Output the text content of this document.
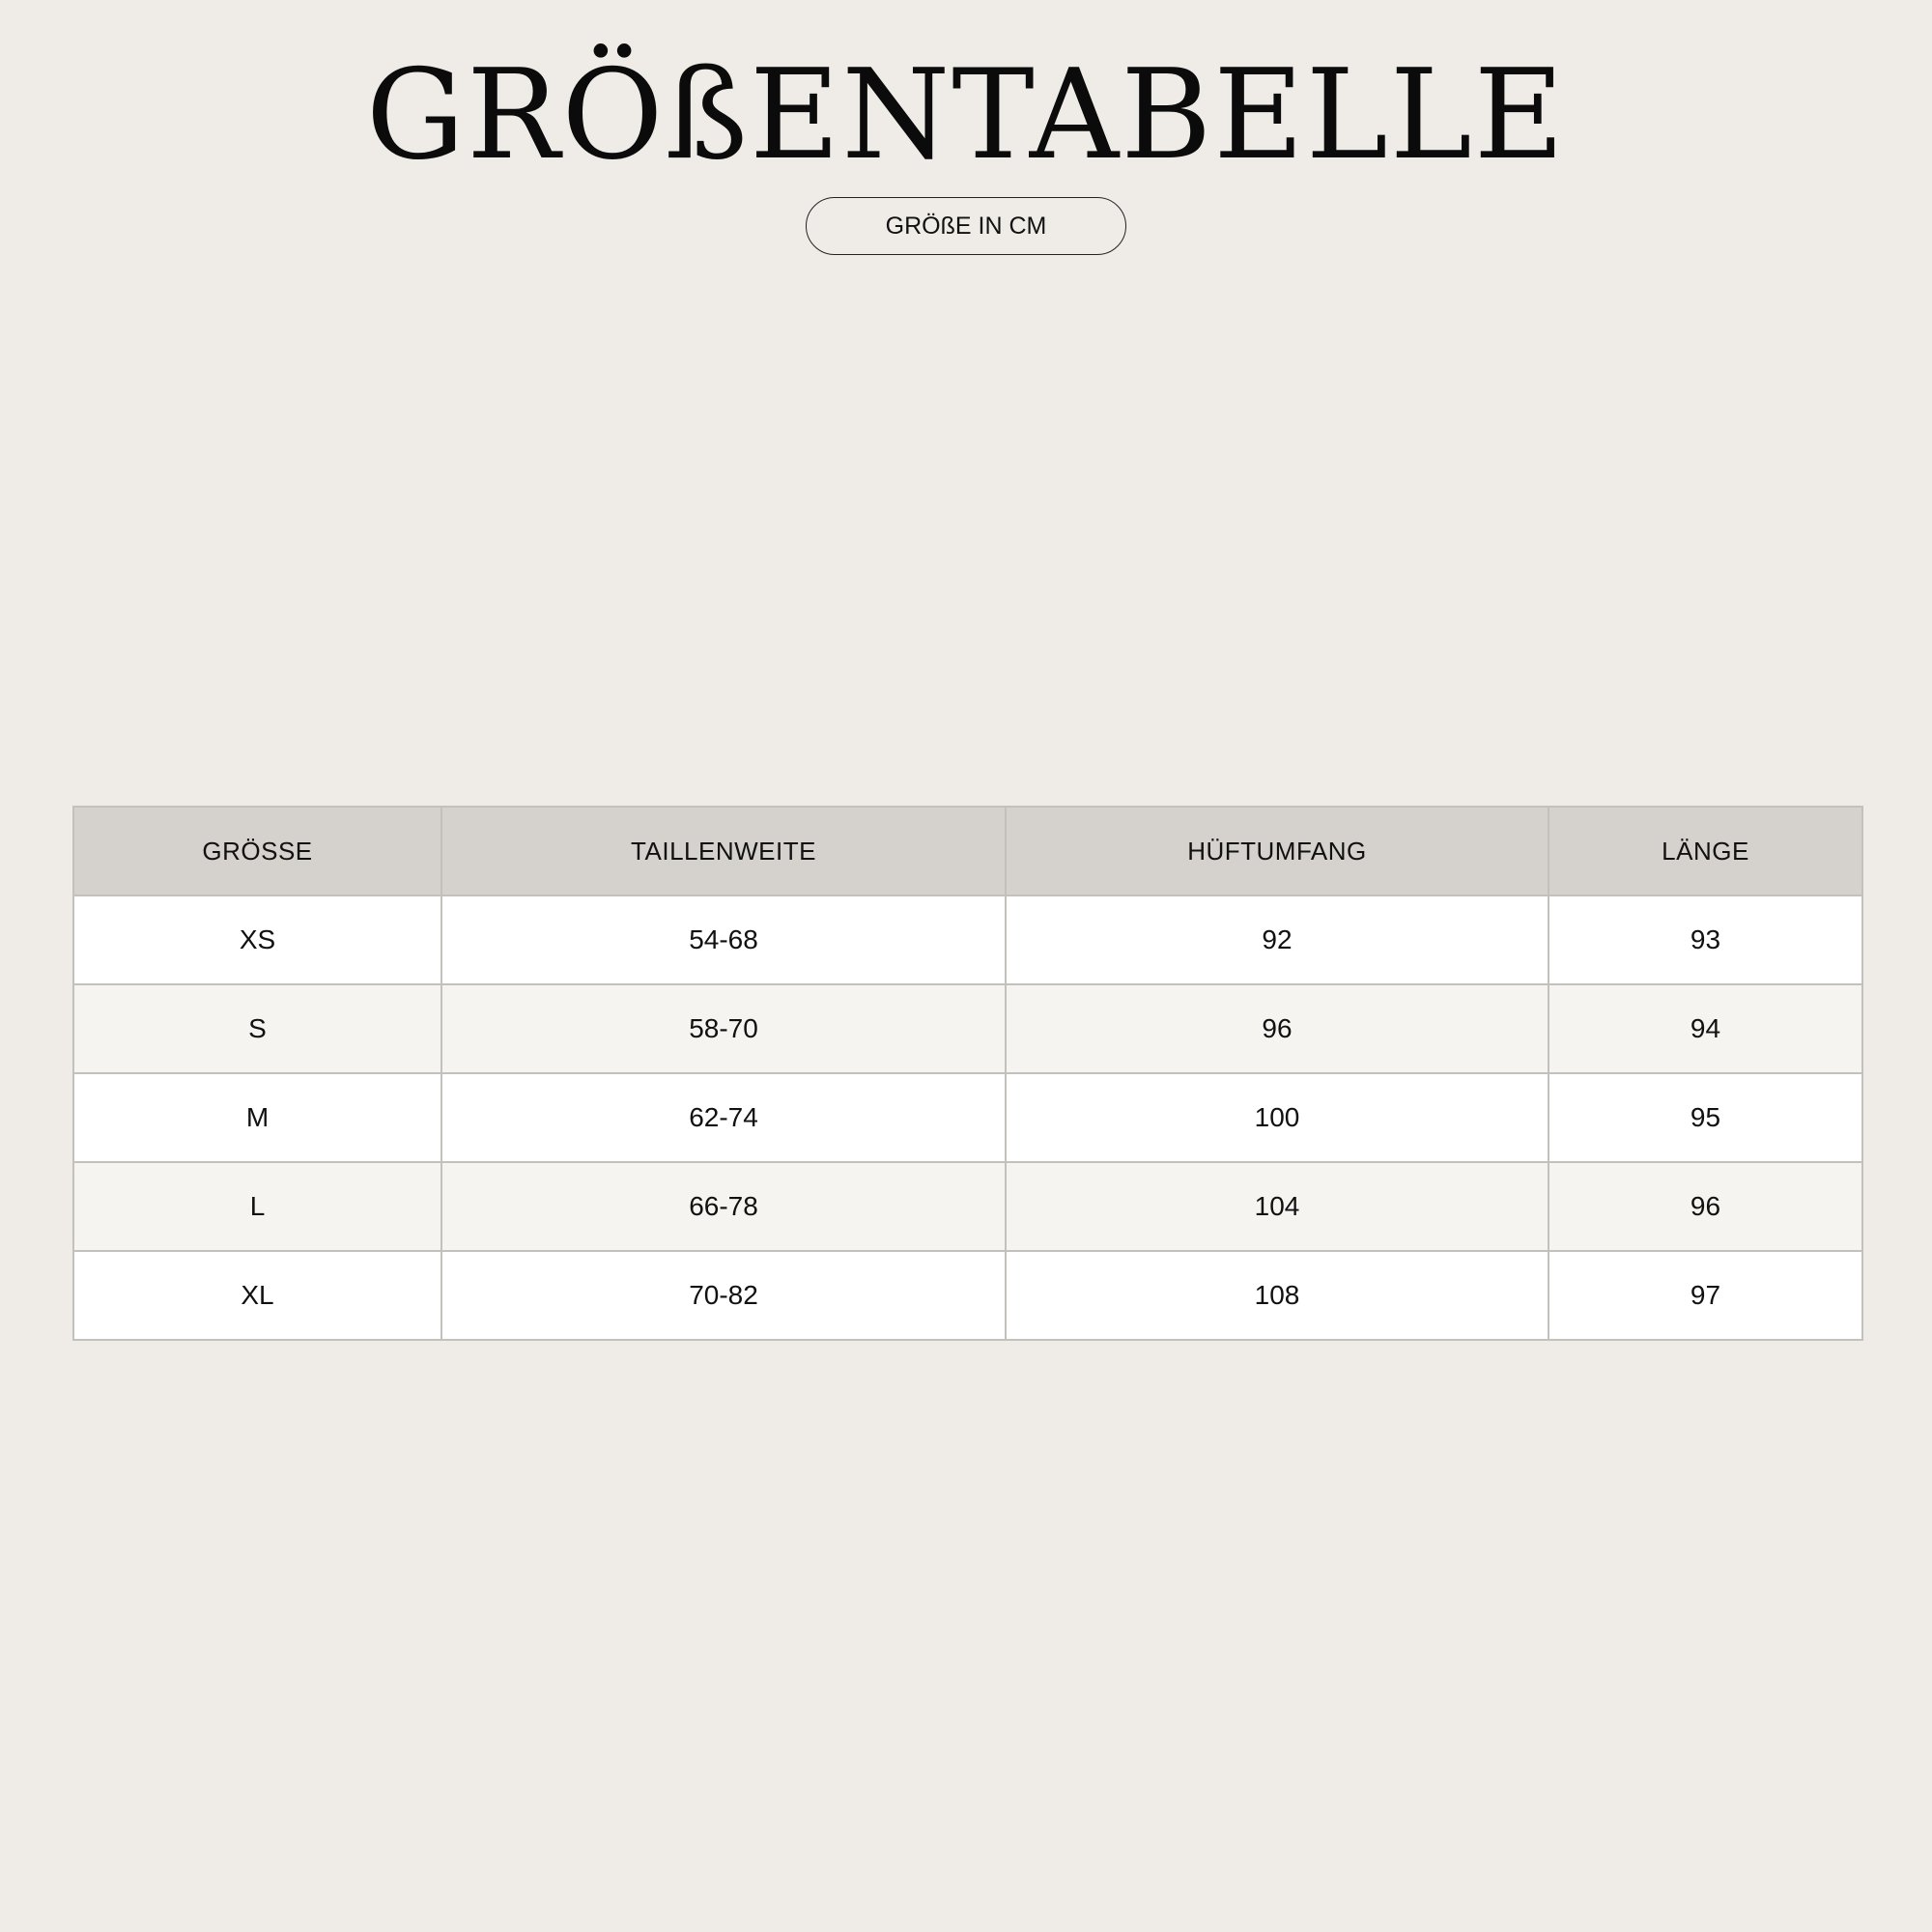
GRÖßENTABELLE
GRÖßE IN CM
GRÖSSE	TAILLENWEITE	HÜFTUMFANG	LÄNGE
XS	54-68	92	93
S	58-70	96	94
M	62-74	100	95
L	66-78	104	96
XL	70-82	108	97
